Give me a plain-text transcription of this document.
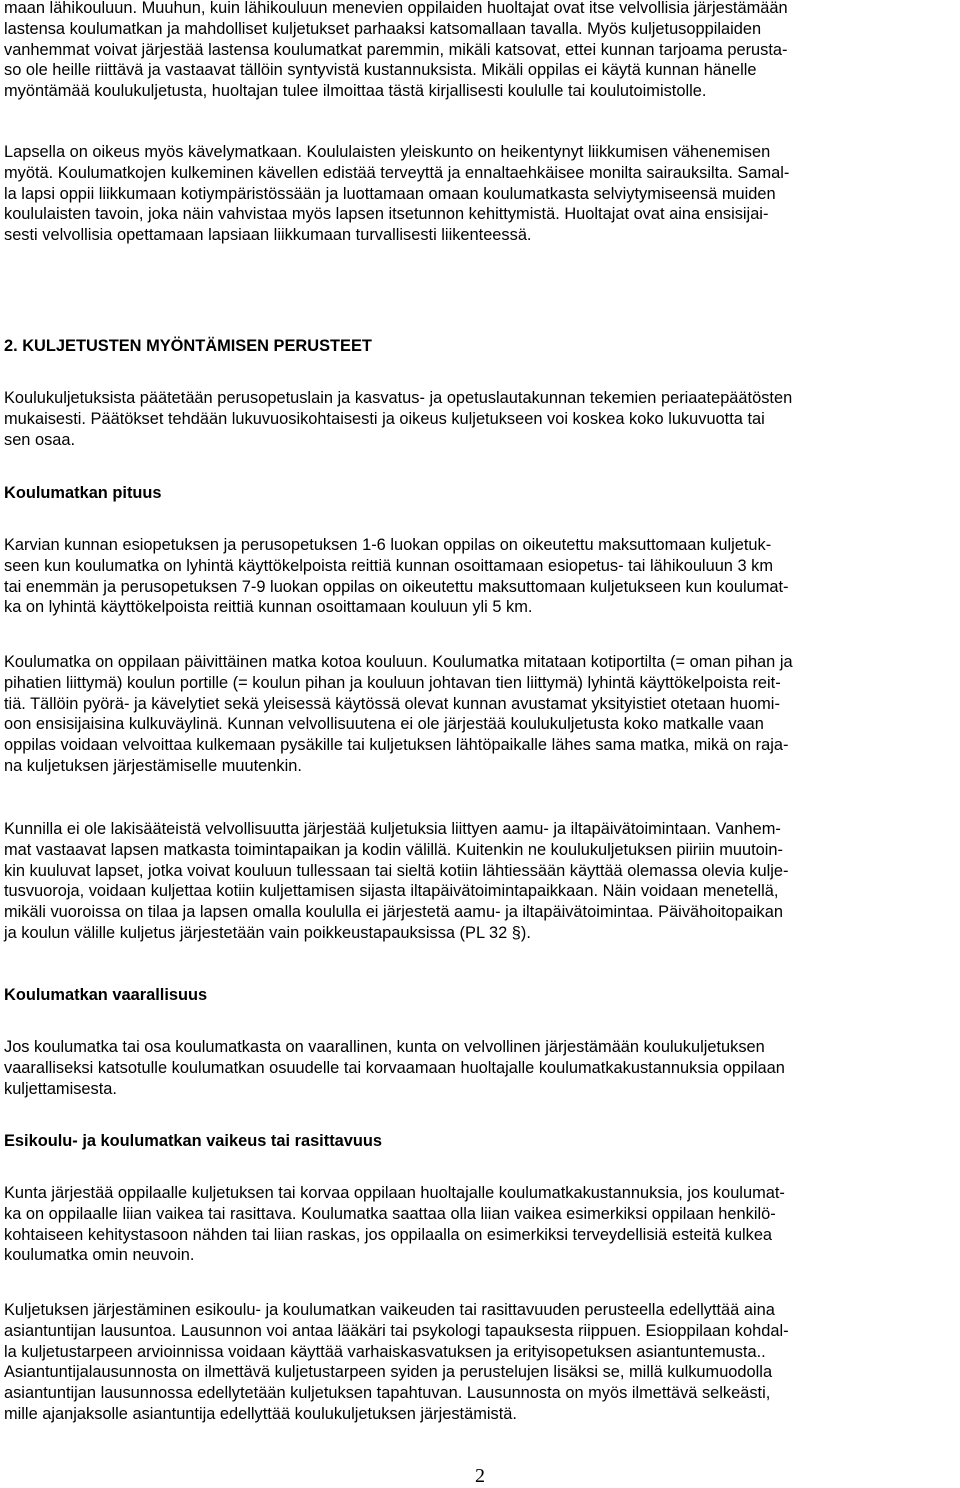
maan lähikouluun. Muuhun, kuin lähikouluun menevien oppilaiden huoltajat ovat itse velvollisia järjestämään
lastensa koulumatkan ja mahdolliset kuljetukset parhaaksi katsomallaan tavalla. Myös kuljetusoppilaiden
vanhemmat voivat järjestää lastensa koulumatkat paremmin, mikäli katsovat, ettei kunnan tarjoama perusta-
so ole heille riittävä ja vastaavat tällöin syntyvistä kustannuksista. Mikäli oppilas ei käytä kunnan hänelle
myöntämää koulukuljetusta, huoltajan tulee ilmoittaa tästä kirjallisesti koululle tai koulutoimistolle.
Lapsella on oikeus myös kävelymatkaan. Koululaisten yleiskunto on heikentynyt liikkumisen vähenemisen
myötä. Koulumatkojen kulkeminen kävellen edistää terveyttä ja ennaltaehkäisee monilta sairauksilta. Samal-
la lapsi oppii liikkumaan kotiympäristössään ja luottamaan omaan koulumatkasta selviytymiseensä muiden
koululaisten tavoin, joka näin vahvistaa myös lapsen itsetunnon kehittymistä. Huoltajat ovat aina ensisijai-
sesti velvollisia opettamaan lapsiaan liikkumaan turvallisesti liikenteessä.
2. KULJETUSTEN MYÖNTÄMISEN PERUSTEET
Koulukuljetuksista päätetään perusopetuslain ja kasvatus- ja opetuslautakunnan tekemien periaatepäätösten
mukaisesti. Päätökset tehdään lukuvuosikohtaisesti ja oikeus kuljetukseen voi koskea koko lukuvuotta tai
sen osaa.
Koulumatkan pituus
Karvian kunnan esiopetuksen ja perusopetuksen 1-6 luokan oppilas on oikeutettu maksuttomaan kuljetuk-
seen kun koulumatka on lyhintä käyttökelpoista reittiä kunnan osoittamaan esiopetus- tai lähikouluun 3 km
tai enemmän ja perusopetuksen 7-9 luokan oppilas on oikeutettu maksuttomaan kuljetukseen kun koulumat-
ka on lyhintä käyttökelpoista reittiä kunnan osoittamaan kouluun yli 5 km.
Koulumatka on oppilaan päivittäinen matka kotoa kouluun. Koulumatka mitataan kotiportilta (= oman pihan ja
pihatien liittymä) koulun portille (= koulun pihan ja kouluun johtavan tien liittymä) lyhintä käyttökelpoista reit-
tiä. Tällöin pyörä- ja kävelytiet sekä yleisessä käytössä olevat kunnan avustamat yksityistiet otetaan huomi-
oon ensisijaisina kulkuväylinä. Kunnan velvollisuutena ei ole järjestää koulukuljetusta koko matkalle vaan
oppilas voidaan velvoittaa kulkemaan pysäkille tai kuljetuksen lähtöpaikalle lähes sama matka, mikä on raja-
na kuljetuksen järjestämiselle muutenkin.
Kunnilla ei ole lakisääteistä velvollisuutta järjestää kuljetuksia liittyen aamu- ja iltapäivätoimintaan. Vanhem-
mat vastaavat lapsen matkasta toimintapaikan ja kodin välillä. Kuitenkin ne koulukuljetuksen piiriin muutoin-
kin kuuluvat lapset, jotka voivat kouluun tullessaan tai sieltä kotiin lähtiessään käyttää olemassa olevia kulje-
tusvuoroja, voidaan kuljettaa kotiin kuljettamisen sijasta iltapäivätoimintapaikkaan. Näin voidaan menetellä,
mikäli vuoroissa on tilaa ja lapsen omalla koululla ei järjestetä aamu- ja iltapäivätoimintaa. Päivähoitopaikan
ja koulun välille kuljetus järjestetään vain poikkeustapauksissa (PL 32 §).
Koulumatkan vaarallisuus
Jos koulumatka tai osa koulumatkasta on vaarallinen, kunta on velvollinen järjestämään koulukuljetuksen
vaaralliseksi katsotulle koulumatkan osuudelle tai korvaamaan huoltajalle koulumatkakustannuksia oppilaan
kuljettamisesta.
Esikoulu- ja koulumatkan vaikeus tai rasittavuus
Kunta järjestää oppilaalle kuljetuksen tai korvaa oppilaan huoltajalle koulumatkakustannuksia, jos koulumat-
ka on oppilaalle liian vaikea tai rasittava. Koulumatka saattaa olla liian vaikea esimerkiksi oppilaan henkilö-
kohtaiseen kehitystasoon nähden tai liian raskas, jos oppilaalla on esimerkiksi terveydellisiä esteitä kulkea
koulumatka omin neuvoin.
Kuljetuksen järjestäminen esikoulu- ja koulumatkan vaikeuden tai rasittavuuden perusteella edellyttää aina
asiantuntijan lausuntoa. Lausunnon voi antaa lääkäri tai psykologi tapauksesta riippuen. Esioppilaan kohdal-
la kuljetustarpeen arvioinnissa voidaan käyttää varhaiskasvatuksen ja erityisopetuksen asiantuntemusta..
Asiantuntijalausunnosta on ilmettävä kuljetustarpeen syiden ja perustelujen lisäksi se, millä kulkumuodolla
asiantuntijan lausunnossa edellytetään kuljetuksen tapahtuvan. Lausunnosta on myös ilmettävä selkeästi,
mille ajanjaksolle asiantuntija edellyttää koulukuljetuksen järjestämistä.
2
